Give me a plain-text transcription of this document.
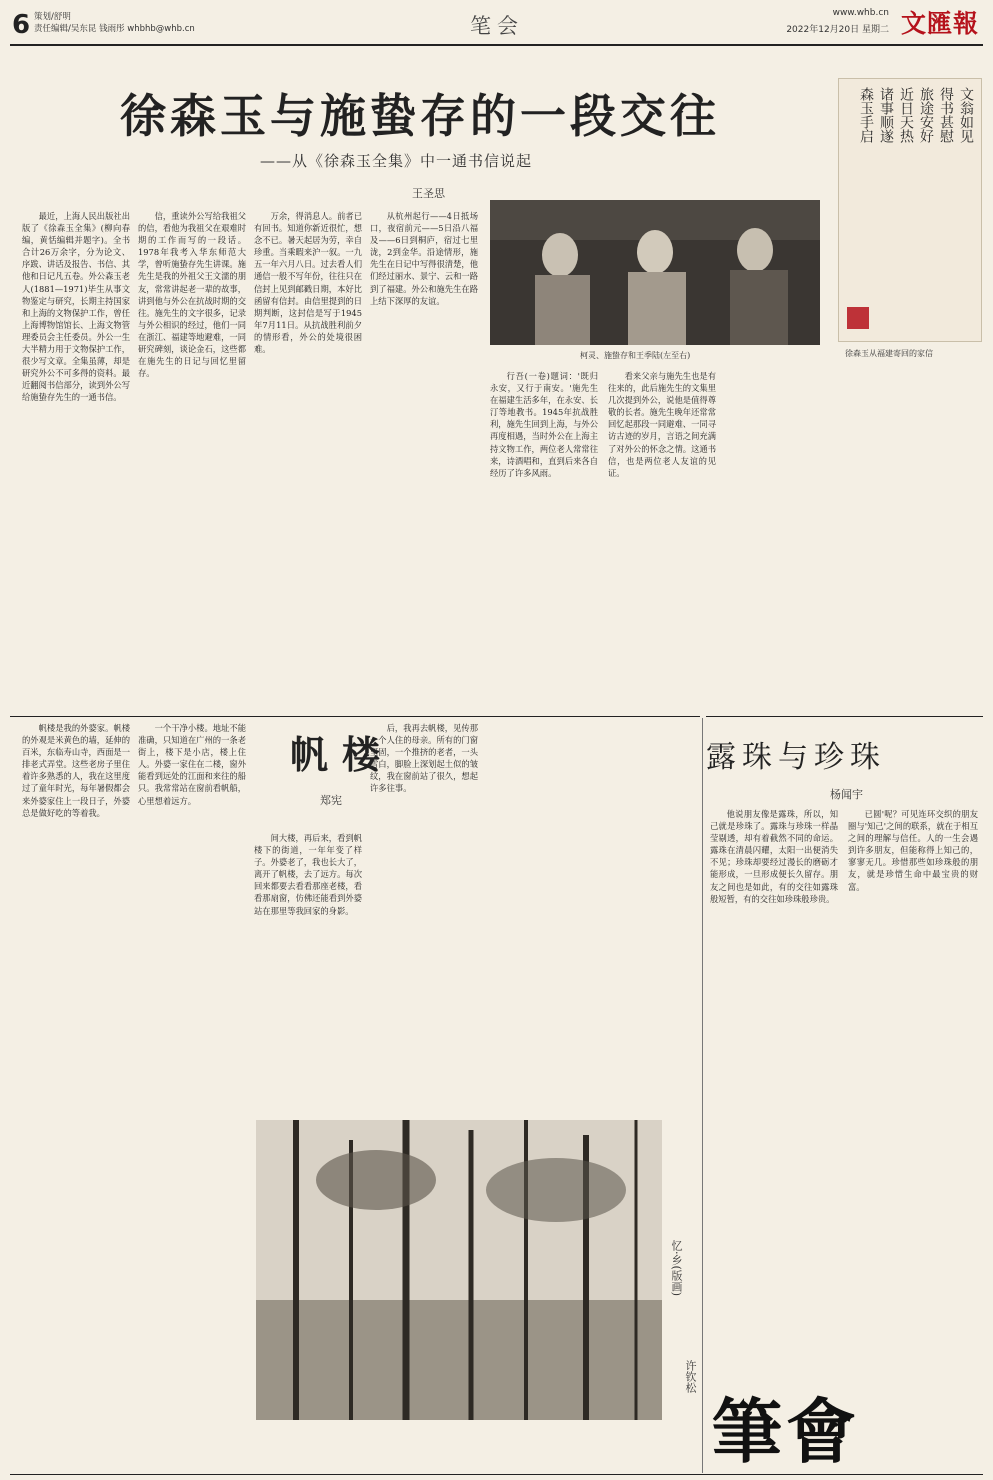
6 策划/舒明
责任编辑/吴东昆 钱雨彤 whbhb@whb.cn	笔会
www.whb.cn
2022年12月20日 星期二 文匯報
徐森玉与施蛰存的一段交往
——从《徐森玉全集》中一通书信说起
王圣思

最近，上海人民出版社出版了《徐森玉全集》(柳向春编，黄恬编辑并题字)。全书合计26万余字，分为论文、序跋、讲话及报告、书信、其他和日记凡五卷。外公森玉老人(1881—1971)毕生从事文物鉴定与研究，长期主持国家和上海的文物保护工作，曾任上海博物馆馆长、上海文物管理委员会主任委员。外公一生大半精力用于文物保护工作，很少写文章。全集虽薄，却是研究外公不可多得的资料。最近翻阅书信部分，读到外公写给施蛰存先生的一通书信。

信，重读外公写给我祖父的信，看他为我祖父在艰难时期的工作而写的一段话。1978年我考入华东师范大学，曾听施蛰存先生讲课。施先生是我的外祖父王文濡的朋友，常常讲起老一辈的故事，讲到他与外公在抗战时期的交往。施先生的文字很多，记录与外公相识的经过，他们一同在浙江、福建等地避难，一同研究碑刻，谈论金石，这些都在施先生的日记与回忆里留存。

万余，得消息人。前者已有回书。知道你新近很忙，想念不已。暑天起居为劳，幸自珍重。当乘暇来沪一叙。一九五一年六月八日。过去看人们通信一般不写年份，往往只在信封上见到邮戳日期，本好比函留有信封。由信里提到的日期判断，这封信是写于1945年7月11日。从抗战胜利前夕的情形看，外公的处境很困难。

从杭州起行——4日抵场口，夜宿前元——5日沿八福及——6日到桐庐，宿过七里泷，2到金华。沿途情形，施先生在日记中写得很清楚，他们经过丽水、景宁、云和一路到了福建。外公和施先生在路上结下深厚的友谊。

柯灵、施蛰存和王季陆(左至右)

行吾(一卷)题词：'既归永安，又行于南安。'施先生在福建生活多年，在永安、长汀等地教书。1945年抗战胜利，施先生回到上海，与外公再度相遇，当时外公在上海主持文物工作，两位老人常常往来，诗酒唱和，直到后来各自经历了许多风雨。

看来父亲与施先生也是有往来的，此后施先生的文集里几次提到外公，说他是值得尊敬的长者。施先生晚年还常常回忆起那段一同避难、一同寻访古迹的岁月，言语之间充满了对外公的怀念之情。这通书信，也是两位老人友谊的见证。

文翁如见
得书甚慰
旅途安好
近日天热
诸事顺遂
森玉手启
徐森玉从福建寄回的家信
帆楼
郑宪

帆楼是我的外婆家。帆楼的外观是米黄色的墙，延伸的百米，东临寿山寺，西面是一排老式弄堂。这些老房子里住着许多熟悉的人，我在这里度过了童年时光，每年暑假都会来外婆家住上一段日子，外婆总是做好吃的等着我。

一个干净小楼。地址不能准确，只知道在广州的一条老街上，楼下是小店，楼上住人。外婆一家住在二楼，窗外能看到远处的江面和来往的船只。我常常站在窗前看帆船，心里想着远方。

间大楼，再后来，看到帆楼下的街道，一年年变了样子。外婆老了，我也长大了，离开了帆楼，去了远方。每次回来都要去看看那座老楼，看看那扇窗，仿佛还能看到外婆站在那里等我回家的身影。

后，我再去帆楼，见传那一个人住的母亲。所有的门窗坚固，一个推挤的老者，一头雪白，脚脸上深划起土似的皱纹，我在窗前站了很久，想起许多往事。

忆·乡(版画)
许钦松
露珠与珍珠
杨闻宇

他说朋友像是露珠，所以，知己就是珍珠了。露珠与珍珠一样晶莹剔透，却有着截然不同的命运。露珠在清晨闪耀，太阳一出便消失不见；珍珠却要经过漫长的磨砺才能形成，一旦形成便长久留存。朋友之间也是如此，有的交往如露珠般短暂，有的交往如珍珠般珍贵。

已圆'呢？可见连环交织的朋友圈与'知己'之间的联系，就在于相互之间的理解与信任。人的一生会遇到许多朋友，但能称得上知己的，寥寥无几。珍惜那些如珍珠般的朋友，就是珍惜生命中最宝贵的财富。

筆會
